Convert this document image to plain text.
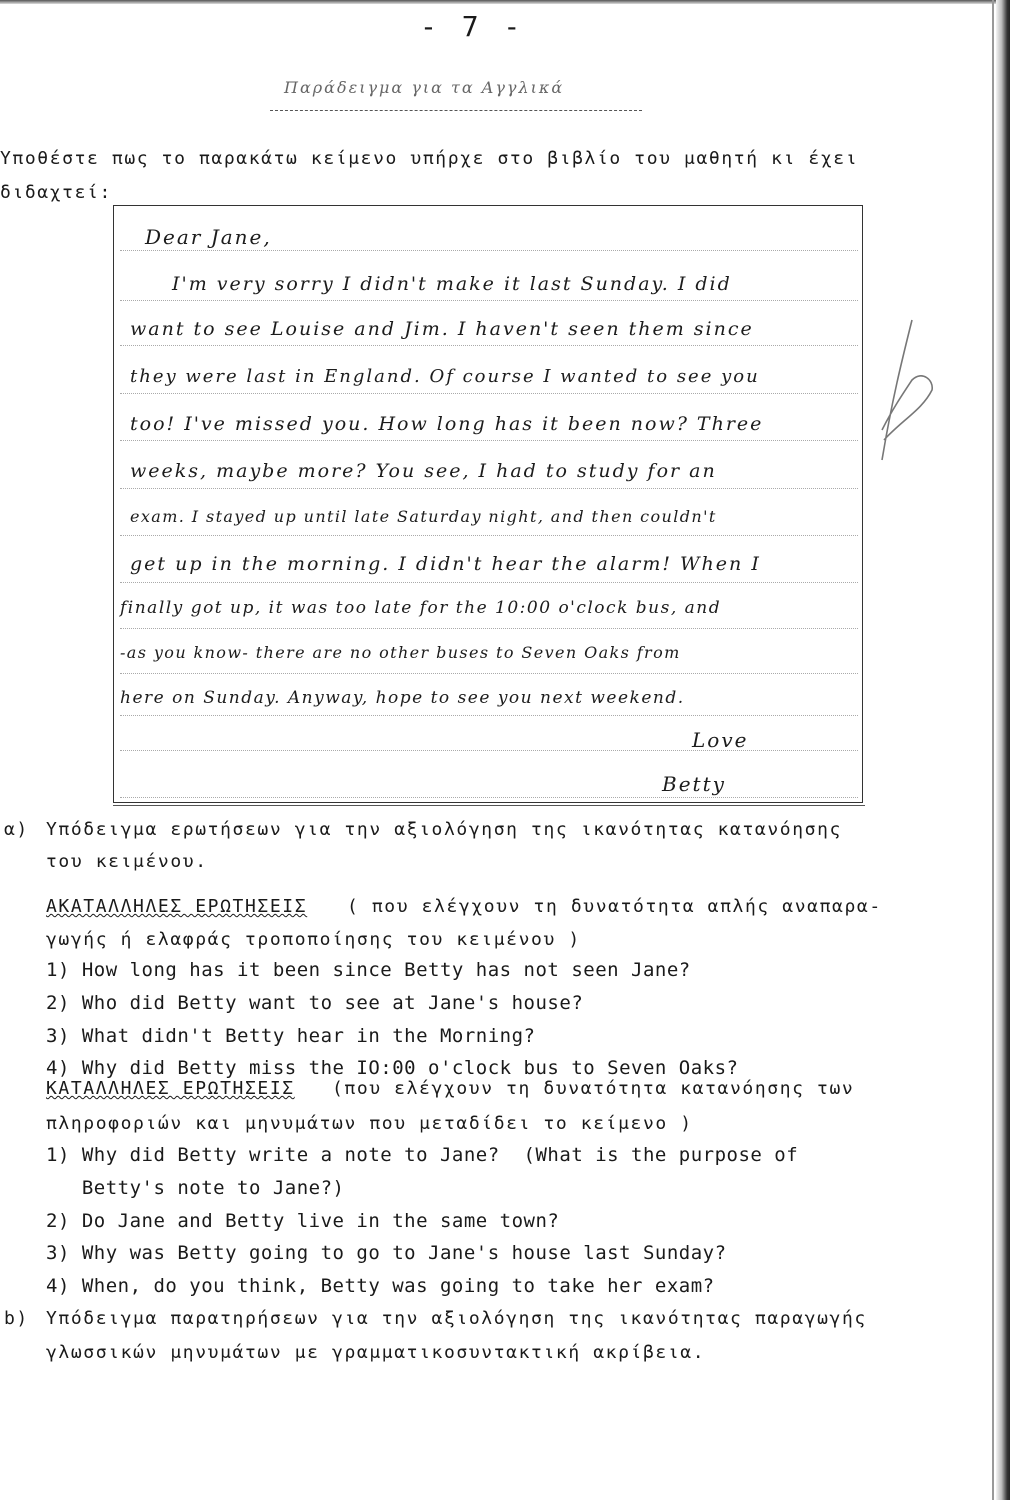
- 7 -
Παράδειγμα για τα Αγγλικά
Υποθέστε πως το παρακάτω κείμενο υπήρχε στο βιβλίο του μαθητή κι έχει
διδαχτεί:
Dear Jane,
I'm very sorry I didn't make it last Sunday. I did
want to see Louise and Jim. I haven't seen them since
they were last in England. Of course I wanted to see you
too! I've missed you. How long has it been now? Three
weeks, maybe more? You see, I had to study for an
exam. I stayed up until late Saturday night, and then couldn't
get up in the morning. I didn't hear the alarm! When I
finally got up, it was too late for the 10:00 o'clock bus, and
-as you know- there are no other buses to Seven Oaks from
here on Sunday. Anyway, hope to see you next weekend.
Love
Betty
α) Υπόδειγμα ερωτήσεων για την αξιολόγηση της ικανότητας κατανόησης
του κειμένου.
ΑΚΑΤΑΛΛΗΛΕΣ ΕΡΩΤΗΣΕΙΣ ( που ελέγχουν τη δυνατότητα απλής αναπαρα-
γωγής ή ελαφράς τροποποίησης του κειμένου )
1) How long has it been since Betty has not seen Jane?
2) Who did Betty want to see at Jane's house?
3) What didn't Betty hear in the Morning?
4) Why did Betty miss the IO:00 o'clock bus to Seven Oaks?
ΚΑΤΑΛΛΗΛΕΣ ΕΡΩΤΗΣΕΙΣ (που ελέγχουν τη δυνατότητα κατανόησης των
πληροφοριών και μηνυμάτων που μεταδίδει το κείμενο )
1) Why did Betty write a note to Jane?  (What is the purpose of
Betty's note to Jane?)
2) Do Jane and Betty live in the same town?
3) Why was Betty going to go to Jane's house last Sunday?
4) When, do you think, Betty was going to take her exam?
b) Υπόδειγμα παρατηρήσεων για την αξιολόγηση της ικανότητας παραγωγής
γλωσσικών μηνυμάτων με γραμματικοσυντακτική ακρίβεια.
